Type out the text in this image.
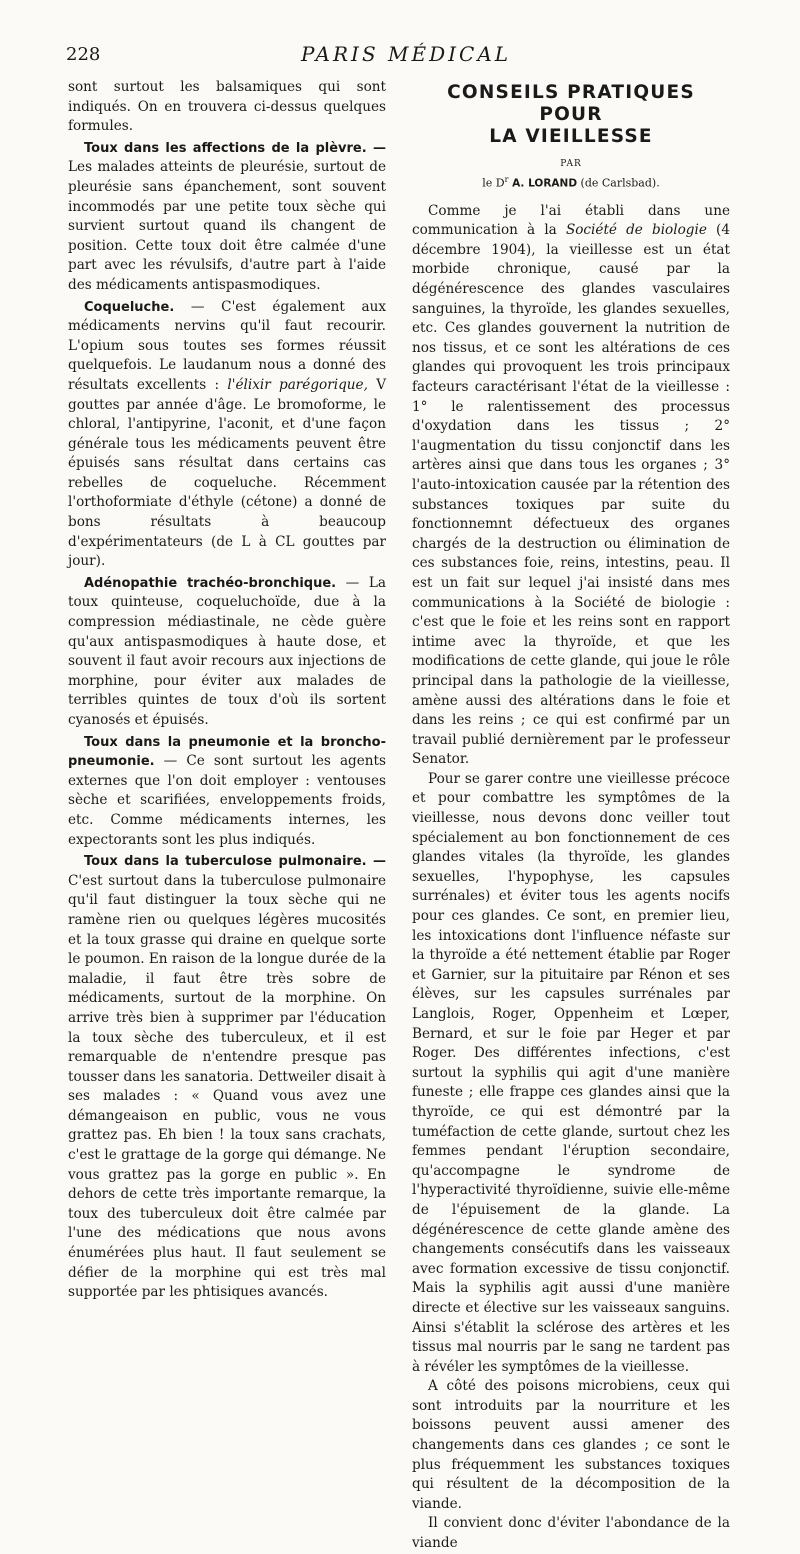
228	PARIS MÉDICAL

sont surtout les balsamiques qui sont indiqués. On en trouvera ci-dessus quelques formules.

Toux dans les affections de la plèvre. — Les malades atteints de pleurésie, surtout de pleurésie sans épanchement, sont souvent incommodés par une petite toux sèche qui survient surtout quand ils changent de position. Cette toux doit être calmée d'une part avec les révulsifs, d'autre part à l'aide des médicaments antispasmodiques.

Coqueluche. — C'est également aux médicaments nervins qu'il faut recourir. L'opium sous toutes ses formes réussit quelquefois. Le laudanum nous a donné des résultats excellents : l'élixir parégorique, V gouttes par année d'âge. Le bromoforme, le chloral, l'antipyrine, l'aconit, et d'une façon générale tous les médicaments peuvent être épuisés sans résultat dans certains cas rebelles de coqueluche. Récemment l'orthoformiate d'éthyle (cétone) a donné de bons résultats à beaucoup d'expérimentateurs (de L à CL gouttes par jour).

Adénopathie trachéo-bronchique. — La toux quinteuse, coqueluchoïde, due à la compression médiastinale, ne cède guère qu'aux antispasmodiques à haute dose, et souvent il faut avoir recours aux injections de morphine, pour éviter aux malades de terribles quintes de toux d'où ils sortent cyanosés et épuisés.

Toux dans la pneumonie et la broncho-pneumonie. — Ce sont surtout les agents externes que l'on doit employer : ventouses sèche et scarifiées, enveloppements froids, etc. Comme médicaments internes, les expectorants sont les plus indiqués.

Toux dans la tuberculose pulmonaire. — C'est surtout dans la tuberculose pulmonaire qu'il faut distinguer la toux sèche qui ne ramène rien ou quelques légères mucosités et la toux grasse qui draine en quelque sorte le poumon. En raison de la longue durée de la maladie, il faut être très sobre de médicaments, surtout de la morphine. On arrive très bien à supprimer par l'éducation la toux sèche des tuberculeux, et il est remarquable de n'entendre presque pas tousser dans les sanatoria. Dettweiler disait à ses malades : « Quand vous avez une démangeaison en public, vous ne vous grattez pas. Eh bien ! la toux sans crachats, c'est le grattage de la gorge qui démange. Ne vous grattez pas la gorge en public ». En dehors de cette très importante remarque, la toux des tuberculeux doit être calmée par l'une des médications que nous avons énumérées plus haut. Il faut seulement se défier de la morphine qui est très mal supportée par les phtisiques avancés.

CONSEILS PRATIQUES POUR
LA VIEILLESSE
PAR
le $D^r$ A. LORAND (de Carlsbad).

Comme je l'ai établi dans une communication à la Société de biologie (4 décembre 1904), la vieillesse est un état morbide chronique, causé par la dégénérescence des glandes vasculaires sanguines, la thyroïde, les glandes sexuelles, etc. Ces glandes gouvernent la nutrition de nos tissus, et ce sont les altérations de ces glandes qui provoquent les trois principaux facteurs caractérisant l'état de la vieillesse : 1° le ralentissement des processus d'oxydation dans les tissus ; 2° l'augmentation du tissu conjonctif dans les artères ainsi que dans tous les organes ; 3° l'auto-intoxication causée par la rétention des substances toxiques par suite du fonctionnemnt défectueux des organes chargés de la destruction ou élimination de ces substances foie, reins, intestins, peau. Il est un fait sur lequel j'ai insisté dans mes communications à la Société de biologie : c'est que le foie et les reins sont en rapport intime avec la thyroïde, et que les modifications de cette glande, qui joue le rôle principal dans la pathologie de la vieillesse, amène aussi des altérations dans le foie et dans les reins ; ce qui est confirmé par un travail publié dernièrement par le professeur Senator.

Pour se garer contre une vieillesse précoce et pour combattre les symptômes de la vieillesse, nous devons donc veiller tout spécialement au bon fonctionnement de ces glandes vitales (la thyroïde, les glandes sexuelles, l'hypophyse, les capsules surrénales) et éviter tous les agents nocifs pour ces glandes. Ce sont, en premier lieu, les intoxications dont l'influence néfaste sur la thyroïde a été nettement établie par Roger et Garnier, sur la pituitaire par Rénon et ses élèves, sur les capsules surrénales par Langlois, Roger, Oppenheim et Lœper, Bernard, et sur le foie par Heger et par Roger. Des différentes infections, c'est surtout la syphilis qui agit d'une manière funeste ; elle frappe ces glandes ainsi que la thyroïde, ce qui est démontré par la tuméfaction de cette glande, surtout chez les femmes pendant l'éruption secondaire, qu'accompagne le syndrome de l'hyperactivité thyroïdienne, suivie elle-même de l'épuisement de la glande. La dégénérescence de cette glande amène des changements consécutifs dans les vaisseaux avec formation excessive de tissu conjonctif. Mais la syphilis agit aussi d'une manière directe et élective sur les vaisseaux sanguins. Ainsi s'établit la sclérose des artères et les tissus mal nourris par le sang ne tardent pas à révéler les symptômes de la vieillesse.

A côté des poisons microbiens, ceux qui sont introduits par la nourriture et les boissons peuvent aussi amener des changements dans ces glandes ; ce sont le plus fréquemment les substances toxiques qui résultent de la décomposition de la viande.

Il convient donc d'éviter l'abondance de la viande
